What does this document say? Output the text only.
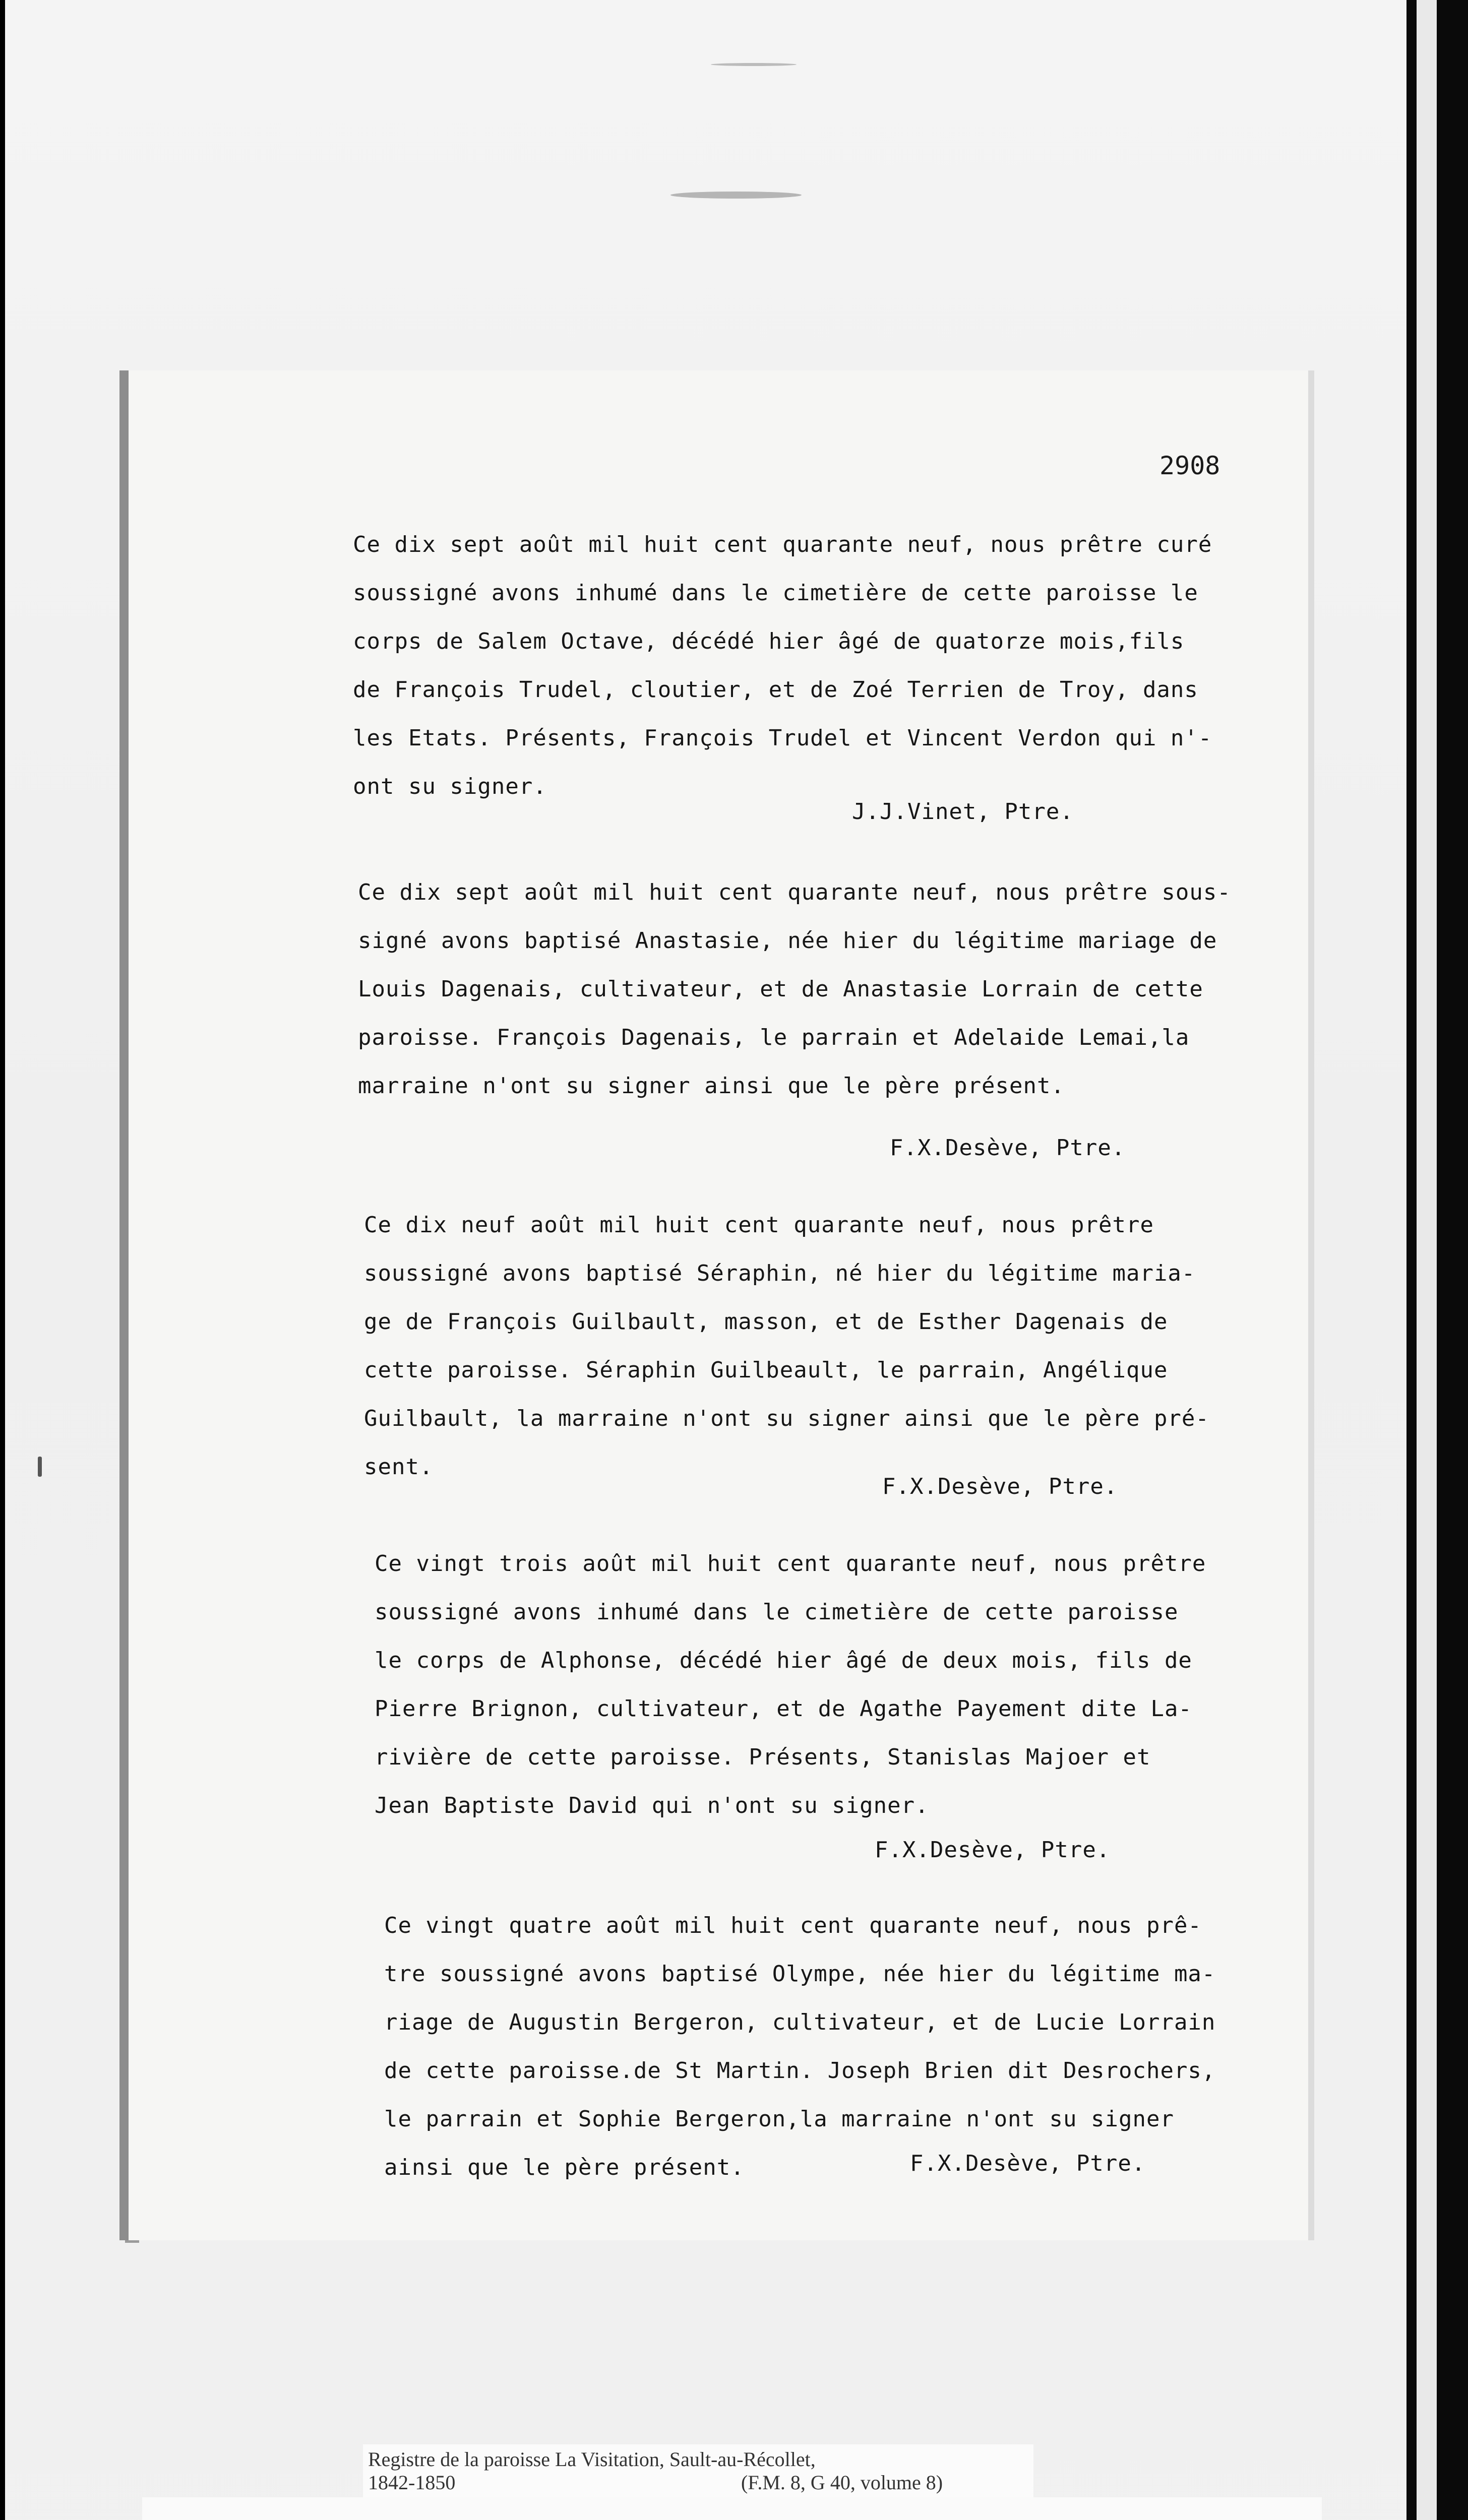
2908
Ce dix sept août mil huit cent quarante neuf, nous prêtre curé
soussigné avons inhumé dans le cimetière de cette paroisse le
corps de Salem Octave, décédé hier âgé de quatorze mois,fils
de François Trudel, cloutier, et de Zoé Terrien de Troy, dans
les Etats. Présents, François Trudel et Vincent Verdon qui n'-
ont su signer.
J.J.Vinet, Ptre.
Ce dix sept août mil huit cent quarante neuf, nous prêtre sous-
signé avons baptisé Anastasie, née hier du légitime mariage de
Louis Dagenais, cultivateur, et de Anastasie Lorrain de cette
paroisse. François Dagenais, le parrain et Adelaide Lemai,la
marraine n'ont su signer ainsi que le père présent.
F.X.Desève, Ptre.
Ce dix neuf août mil huit cent quarante neuf, nous prêtre
soussigné avons baptisé Séraphin, né hier du légitime maria-
ge de François Guilbault, masson, et de Esther Dagenais de
cette paroisse. Séraphin Guilbeault, le parrain, Angélique
Guilbault, la marraine n'ont su signer ainsi que le père pré-
sent.
F.X.Desève, Ptre.
Ce vingt trois août mil huit cent quarante neuf, nous prêtre
soussigné avons inhumé dans le cimetière de cette paroisse
le corps de Alphonse, décédé hier âgé de deux mois, fils de
Pierre Brignon, cultivateur, et de Agathe Payement dite La-
rivière de cette paroisse. Présents, Stanislas Majoer et
Jean Baptiste David qui n'ont su signer.
F.X.Desève, Ptre.
Ce vingt quatre août mil huit cent quarante neuf, nous prê-
tre soussigné avons baptisé Olympe, née hier du légitime ma-
riage de Augustin Bergeron, cultivateur, et de Lucie Lorrain
de cette paroisse.de St Martin. Joseph Brien dit Desrochers,
le parrain et Sophie Bergeron,la marraine n'ont su signer
ainsi que le père présent.	F.X.Desève, Ptre.
Registre de la paroisse La Visitation, Sault-au-Récollet,
1842-1850	(F.M. 8, G 40, volume 8)
